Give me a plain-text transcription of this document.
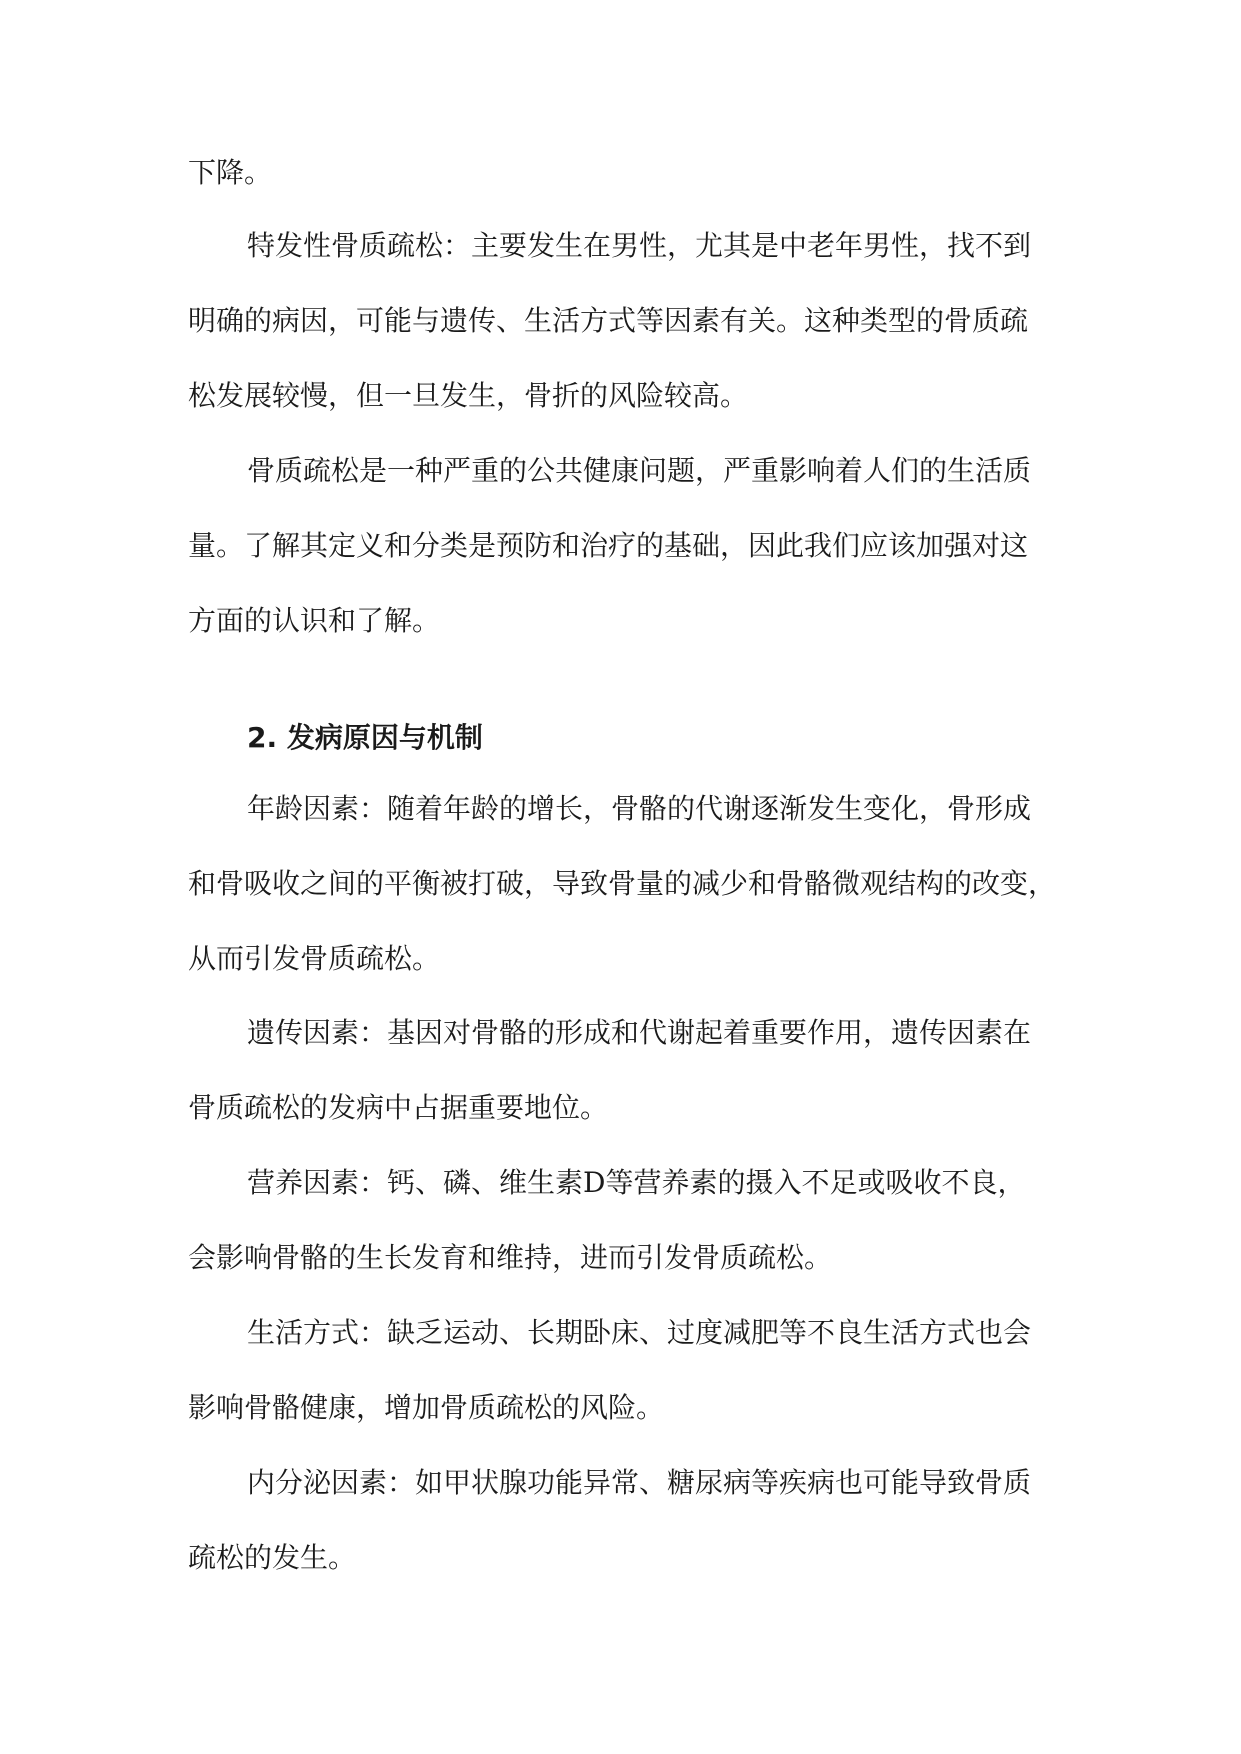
下降。

特发性骨质疏松：主要发生在男性，尤其是中老年男性，找不到

明确的病因，可能与遗传、生活方式等因素有关。这种类型的骨质疏

松发展较慢，但一旦发生，骨折的风险较高。

骨质疏松是一种严重的公共健康问题，严重影响着人们的生活质

量。了解其定义和分类是预防和治疗的基础，因此我们应该加强对这

方面的认识和了解。

2. 发病原因与机制

年龄因素：随着年龄的增长，骨骼的代谢逐渐发生变化，骨形成

和骨吸收之间的平衡被打破，导致骨量的减少和骨骼微观结构的改变，

从而引发骨质疏松。

遗传因素：基因对骨骼的形成和代谢起着重要作用，遗传因素在

骨质疏松的发病中占据重要地位。

营养因素：钙、磷、维生素D等营养素的摄入不足或吸收不良，

会影响骨骼的生长发育和维持，进而引发骨质疏松。

生活方式：缺乏运动、长期卧床、过度减肥等不良生活方式也会

影响骨骼健康，增加骨质疏松的风险。

内分泌因素：如甲状腺功能异常、糖尿病等疾病也可能导致骨质

疏松的发生。
